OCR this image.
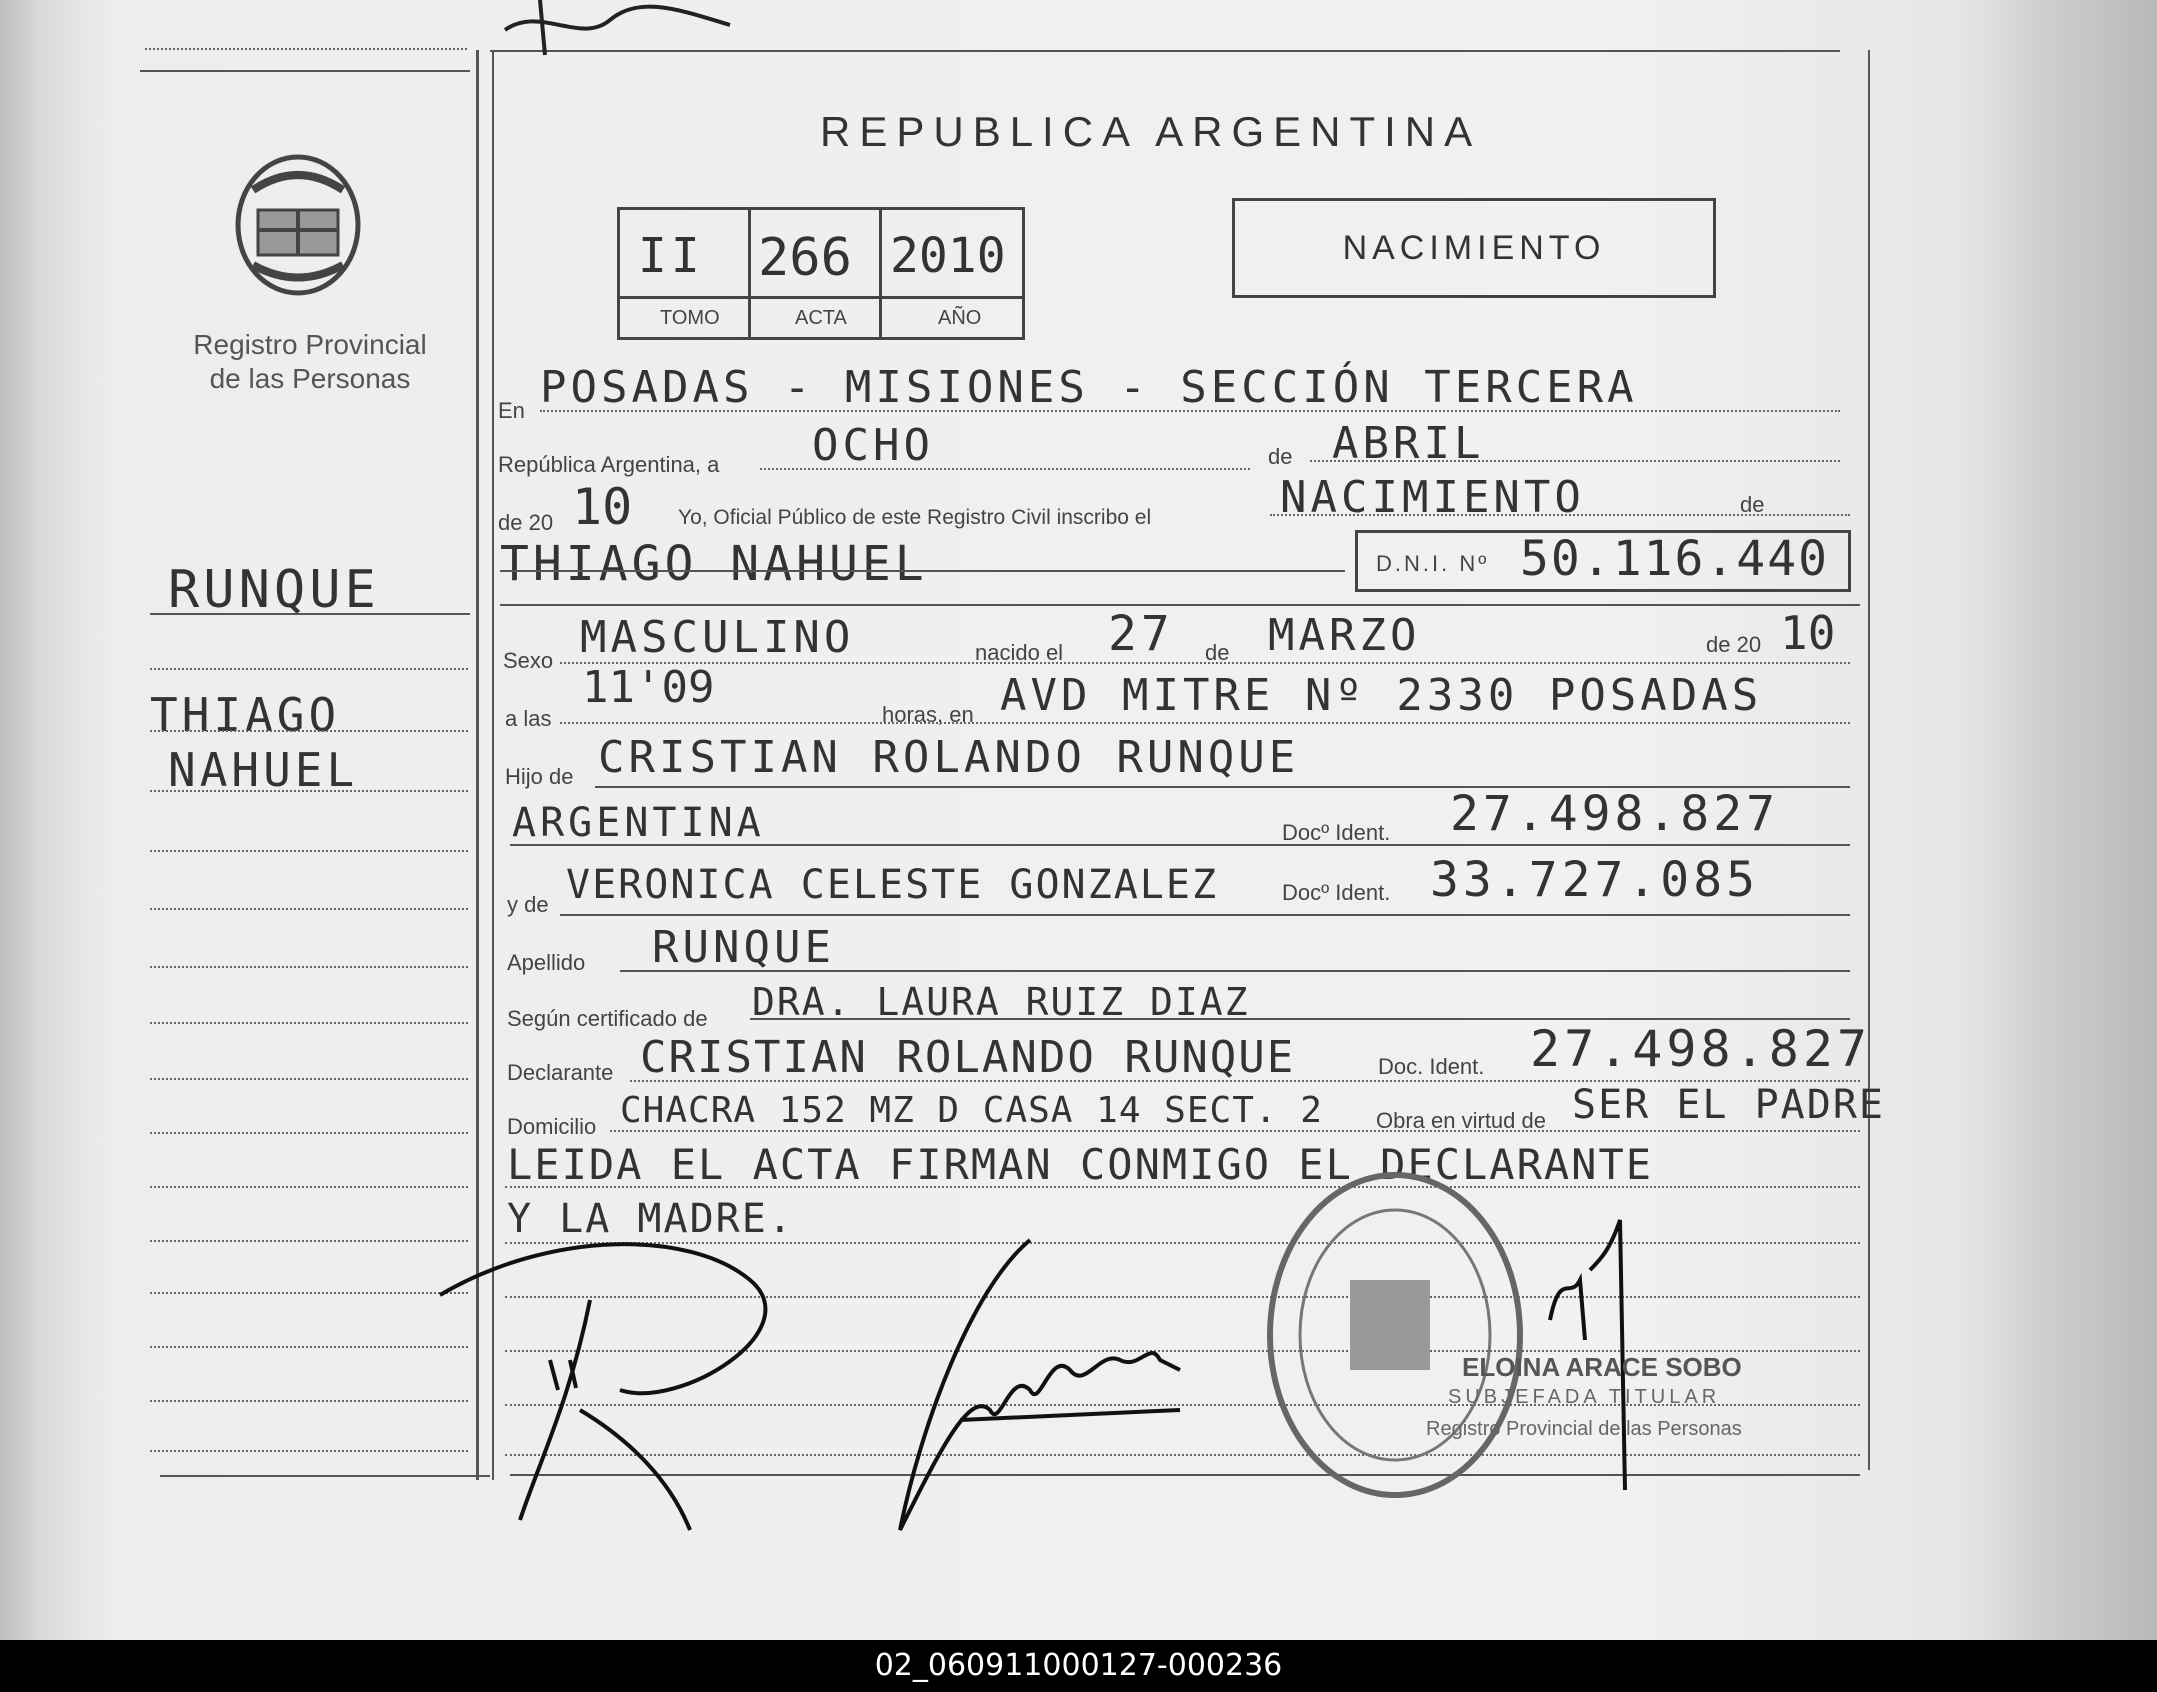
Registro Provincial
de las Personas
REPUBLICA ARGENTINA
II 266 2010
TOMO	ACTA	AÑO
NACIMIENTO
RUNQUE
THIAGO
NAHUEL
En POSADAS - MISIONES - SECCIÓN TERCERA
República Argentina, a OCHO	de ABRIL
de 20 10 Yo, Oficial Público de este Registro Civil inscribo el	NACIMIENTO	de
THIAGO NAHUEL	D.N.I. Nº 50.116.440
Sexo MASCULINO	nacido el 27 de MARZO	de 20 10
a las
11'09
horas, en AVD MITRE Nº 2330 POSADAS
Hijo de CRISTIAN ROLANDO RUNQUE
ARGENTINA	Docº Ident. 27.498.827
y de VERONICA CELESTE GONZALEZ	Docº Ident. 33.727.085
Apellido RUNQUE
Según certificado de DRA. LAURA RUIZ DIAZ
Declarante CRISTIAN ROLANDO RUNQUE	Doc. Ident. 27.498.827
Domicilio CHACRA 152 MZ D CASA 14 SECT. 2 Obra en virtud de SER EL PADRE
LEIDA EL ACTA FIRMAN CONMIGO EL DECLARANTE
Y LA MADRE.
ELOINA ARACE SOBO
SUBJEFADA TITULAR
Registro Provincial de las Personas
02_060911000127-000236
